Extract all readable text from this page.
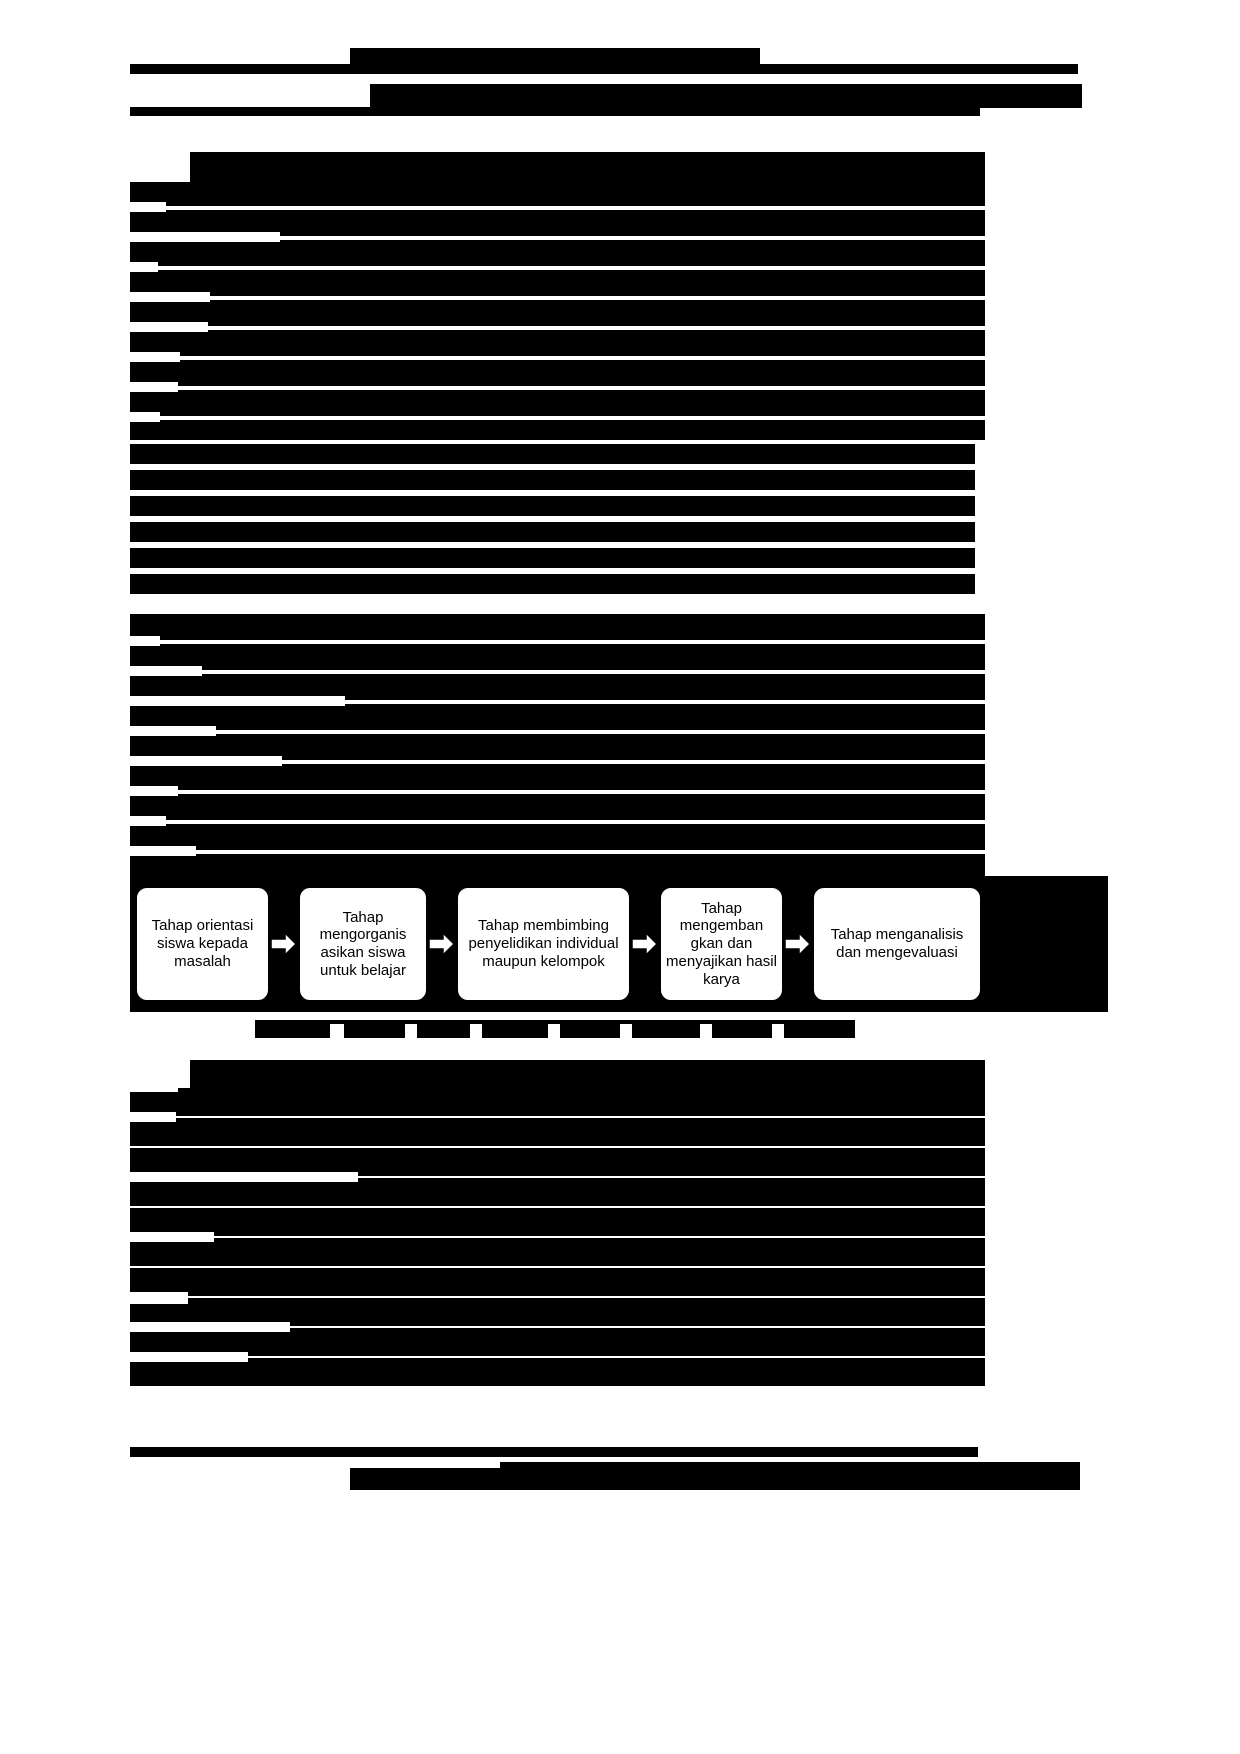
Tahap orientasi siswa kepada masalah
Tahap mengorganis asikan siswa untuk belajar
Tahap membimbing penyelidikan individual maupun kelompok
Tahap mengemban gkan dan menyajikan hasil karya
Tahap menganalisis dan mengevaluasi
